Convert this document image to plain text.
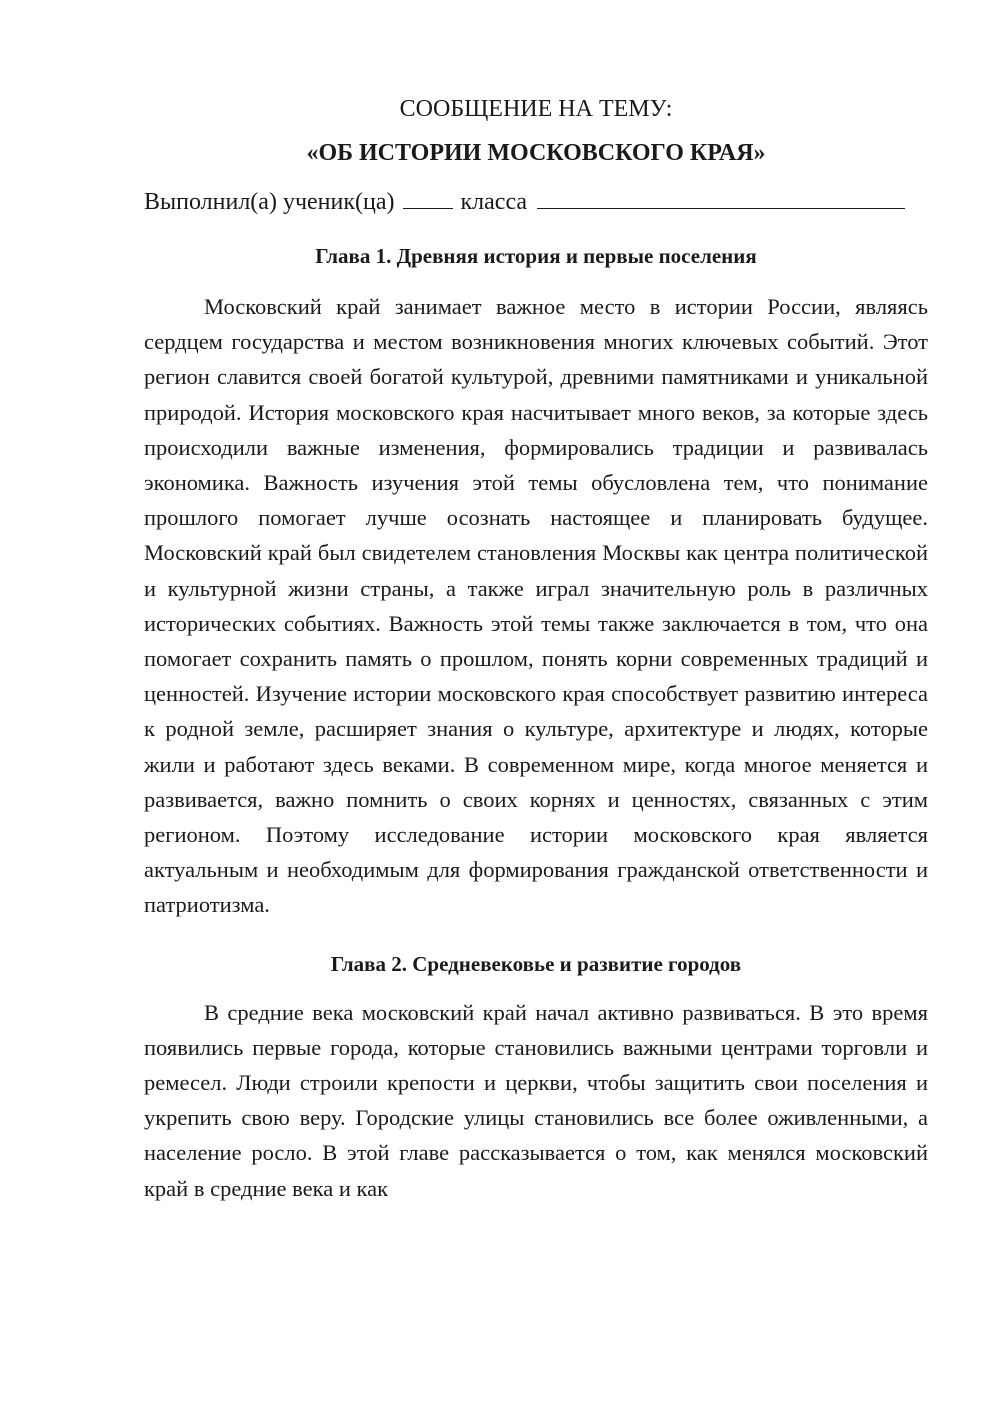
СООБЩЕНИЕ НА ТЕМУ:

«ОБ ИСТОРИИ МОСКОВСКОГО КРАЯ»

Выполнил(а) ученик(ца)	класса
Глава 1. Древняя история и первые поселения

Московский край занимает важное место в истории России, являясь сердцем государства и местом возникновения многих ключевых событий. Этот регион славится своей богатой культурой, древними памятниками и уникальной природой. История московского края насчитывает много веков, за которые здесь происходили важные изменения, формировались традиции и развивалась экономика. Важность изучения этой темы обусловлена тем, что понимание прошлого помогает лучше осознать настоящее и планировать будущее. Московский край был свидетелем становления Москвы как центра политической и культурной жизни страны, а также играл значительную роль в различных исторических событиях. Важность этой темы также заключается в том, что она помогает сохранить память о прошлом, понять корни современных традиций и ценностей. Изучение истории московского края способствует развитию интереса к родной земле, расширяет знания о культуре, архитектуре и людях, которые жили и работают здесь веками. В современном мире, когда многое меняется и развивается, важно помнить о своих корнях и ценностях, связанных с этим регионом. Поэтому исследование истории московского края является актуальным и необходимым для формирования гражданской ответственности и патриотизма.

Глава 2. Средневековье и развитие городов

В средние века московский край начал активно развиваться. В это время появились первые города, которые становились важными центрами торговли и ремесел. Люди строили крепости и церкви, чтобы защитить свои поселения и укрепить свою веру. Городские улицы становились все более оживленными, а население росло. В этой главе рассказывается о том, как менялся московский край в средние века и как
